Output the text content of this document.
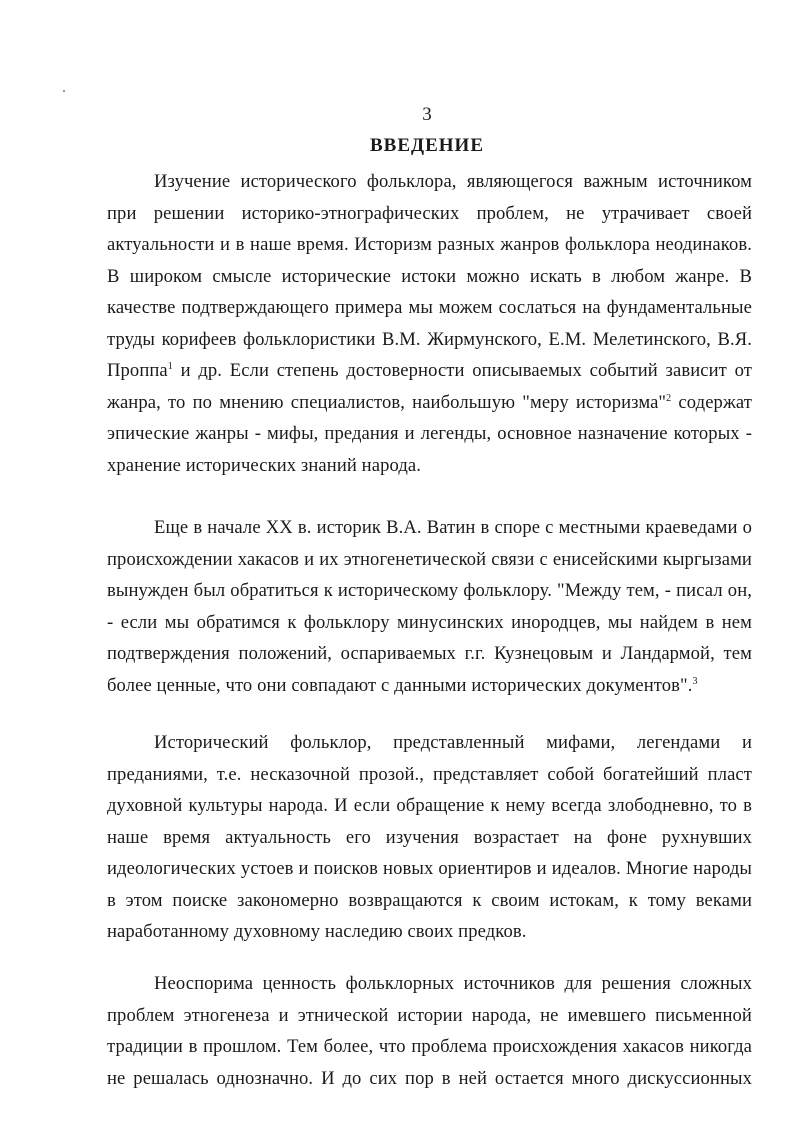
3
ВВЕДЕНИЕ

Изучение исторического фольклора, являющегося важным источником при решении историко-этнографических проблем, не утрачивает своей актуальности и в наше время. Историзм разных жанров фольклора неодинаков. В широком смысле исторические истоки можно искать в любом жанре. В качестве подтверждающего примера мы можем сослаться на фундаментальные труды корифеев фольклористики В.М. Жирмунского, Е.М. Мелетинского, В.Я. Проппа$^1$ и др. Если степень достоверности описываемых событий зависит от жанра, то по мнению специалистов, наибольшую "меру историзма"$^2$ содержат эпические жанры - мифы, предания и легенды, основное назначение которых - хранение исторических знаний народа.

Еще в начале XX в. историк В.А. Ватин в споре с местными краеведами о происхождении хакасов и их этногенетической связи с енисейскими кыргызами вынужден был обратиться к историческому фольклору. "Между тем, - писал он, - если мы обратимся к фольклору минусинских инородцев, мы найдем в нем подтверждения положений, оспариваемых г.г. Кузнецовым и Ландармой, тем более ценные, что они совпадают с данными исторических документов".$^3$

Исторический фольклор, представленный мифами, легендами и преданиями, т.е. несказочной прозой., представляет собой богатейший пласт духовной культуры народа. И если обращение к нему всегда злободневно, то в наше время актуальность его изучения возрастает на фоне рухнувших идеологических устоев и поисков новых ориентиров и идеалов. Многие народы в этом поиске закономерно возвращаются к своим истокам, к тому веками наработанному духовному наследию своих предков.

Неоспорима ценность фольклорных источников для решения сложных проблем этногенеза и этнической истории народа, не имевшего письменной традиции в прошлом. Тем более, что проблема происхождения хакасов никогда не решалась однозначно. И до сих пор в ней остается много дискуссионных
